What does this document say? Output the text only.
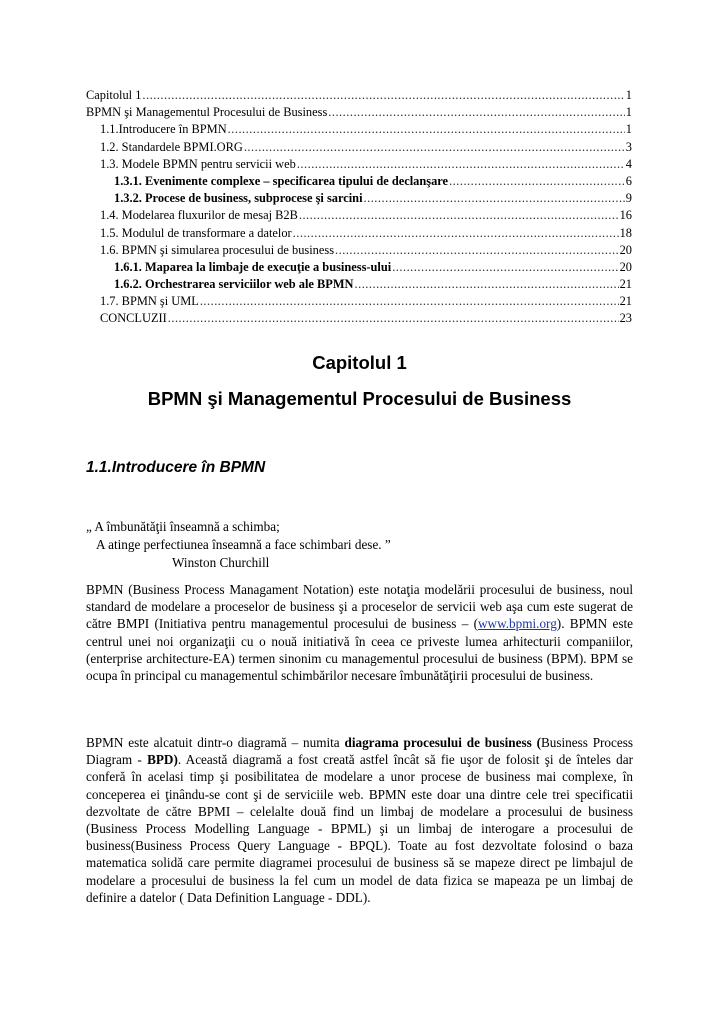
Capitolul 1 .....	1
BPMN şi Managementul Procesului de Business .....	1
1.1.Introducere în BPMN .....	1
1.2. Standardele BPMI.ORG .....	3
1.3. Modele BPMN pentru servicii web .....	4
1.3.1. Evenimente complexe – specificarea tipului de declanşare .....	6
1.3.2. Procese de business, subprocese şi sarcini .....	9
1.4. Modelarea fluxurilor de mesaj B2B .....	16
1.5. Modulul de transformare a datelor .....	18
1.6. BPMN şi simularea procesului de business .....	20
1.6.1. Maparea la limbaje de execuţie a business-ului .....	20
1.6.2. Orchestrarea serviciilor web ale BPMN .....	21
1.7. BPMN şi UML .....	21
CONCLUZII .....	23
Capitolul 1
BPMN şi Managementul Procesului de Business
1.1.Introducere în BPMN
„ A îmbunătăţii înseamnă a schimba;
A atinge perfectiunea înseamnă a face schimbari dese. ”
Winston Churchill
BPMN (Business Process Managament Notation) este notaţia modelării procesului de business, noul standard de modelare a proceselor de business şi a proceselor de servicii web aşa cum este sugerat de către BMPI (Initiativa pentru managementul procesului de business – (www.bpmi.org). BPMN este centrul unei noi organizaţii cu o nouă initiativă în ceea ce priveste lumea arhitecturii companiilor, (enterprise architecture-EA) termen sinonim cu managementul procesului de business (BPM). BPM se ocupa în principal cu managementul schimbărilor necesare îmbunătăţirii procesului de business.
BPMN este alcatuit dintr-o diagramă – numita diagrama procesului de business (Business Process Diagram - BPD). Această diagramă a fost creată astfel încât să fie uşor de folosit şi de înteles dar conferă în acelasi timp şi posibilitatea de modelare a unor procese de business mai complexe, în conceperea ei ţinându-se cont şi de serviciile web. BPMN este doar una dintre cele trei specificatii dezvoltate de către BPMI – celelalte două find un limbaj de modelare a procesului de business (Business Process Modelling Language - BPML) şi un limbaj de interogare a procesului de business(Business Process Query Language - BPQL). Toate au fost dezvoltate folosind o baza matematica solidă care permite diagramei procesului de business să se mapeze direct pe limbajul de modelare a procesului de business la fel cum un model de data fizica se mapeaza pe un limbaj de definire a datelor ( Data Definition Language - DDL).
